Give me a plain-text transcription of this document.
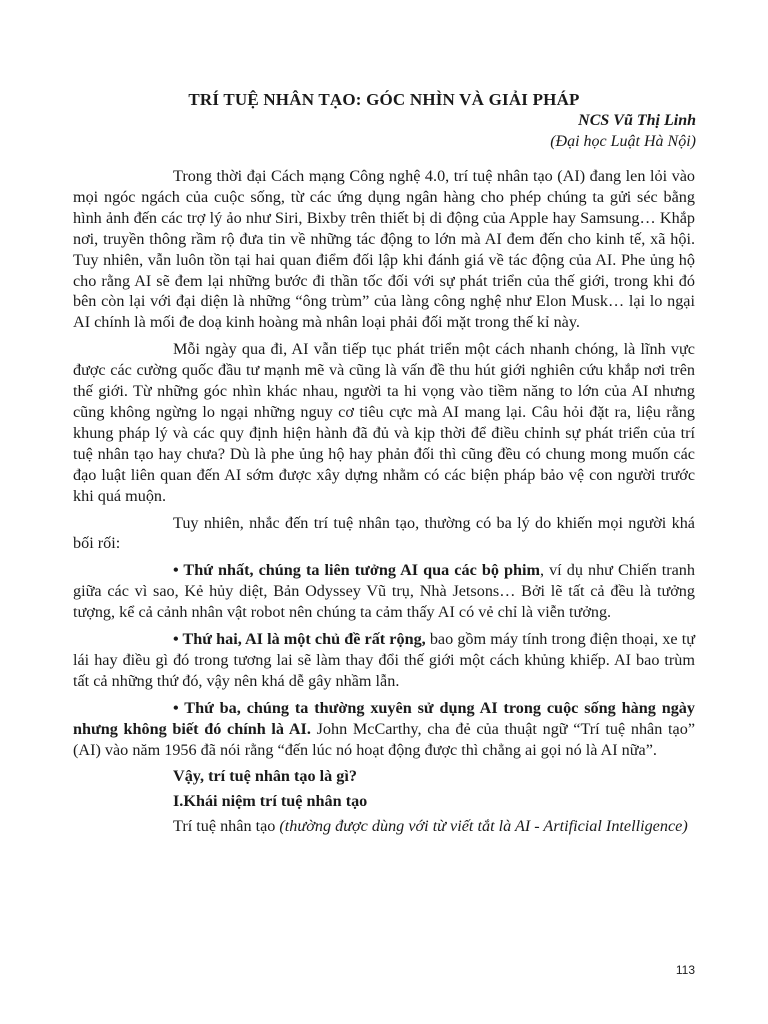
TRÍ TUỆ NHÂN TẠO: GÓC NHÌN VÀ GIẢI PHÁP
NCS Vũ Thị Linh
(Đại học Luật Hà Nội)

Trong thời đại Cách mạng Công nghệ 4.0, trí tuệ nhân tạo (AI) đang len lỏi vào mọi ngóc ngách của cuộc sống, từ các ứng dụng ngân hàng cho phép chúng ta gửi séc bằng hình ảnh đến các trợ lý ảo như Siri, Bixby trên thiết bị di động của Apple hay Samsung… Khắp nơi, truyền thông rầm rộ đưa tin về những tác động to lớn mà AI đem đến cho kinh tế, xã hội. Tuy nhiên, vẫn luôn tồn tại hai quan điểm đối lập khi đánh giá về tác động của AI. Phe ủng hộ cho rằng AI sẽ đem lại những bước đi thần tốc đối với sự phát triển của thế giới, trong khi đó bên còn lại với đại diện là những “ông trùm” của làng công nghệ như Elon Musk… lại lo ngại AI chính là mối đe doạ kinh hoàng mà nhân loại phải đối mặt trong thế kỉ này.

Mỗi ngày qua đi, AI vẫn tiếp tục phát triển một cách nhanh chóng, là lĩnh vực được các cường quốc đầu tư mạnh mẽ và cũng là vấn đề thu hút giới nghiên cứu khắp nơi trên thế giới. Từ những góc nhìn khác nhau, người ta hi vọng vào tiềm năng to lớn của AI nhưng cũng không ngừng lo ngại những nguy cơ tiêu cực mà AI mang lại. Câu hỏi đặt ra, liệu rằng khung pháp lý và các quy định hiện hành đã đủ và kịp thời để điều chỉnh sự phát triển của trí tuệ nhân tạo hay chưa? Dù là phe ủng hộ hay phản đối thì cũng đều có chung mong muốn các đạo luật liên quan đến AI sớm được xây dựng nhằm có các biện pháp bảo vệ con người trước khi quá muộn.

Tuy nhiên, nhắc đến trí tuệ nhân tạo, thường có ba lý do khiến mọi người khá bối rối:

• Thứ nhất, chúng ta liên tưởng AI qua các bộ phim, ví dụ như Chiến tranh giữa các vì sao, Kẻ hủy diệt, Bản Odyssey Vũ trụ, Nhà Jetsons… Bởi lẽ tất cả đều là tưởng tượng, kể cả cảnh nhân vật robot nên chúng ta cảm thấy AI có vẻ chỉ là viễn tưởng.

• Thứ hai, AI là một chủ đề rất rộng, bao gồm máy tính trong điện thoại, xe tự lái hay điều gì đó trong tương lai sẽ làm thay đổi thế giới một cách khủng khiếp. AI bao trùm tất cả những thứ đó, vậy nên khá dễ gây nhầm lẫn.

• Thứ ba, chúng ta thường xuyên sử dụng AI trong cuộc sống hàng ngày nhưng không biết đó chính là AI. John McCarthy, cha đẻ của thuật ngữ “Trí tuệ nhân tạo” (AI) vào năm 1956 đã nói rằng “đến lúc nó hoạt động được thì chẳng ai gọi nó là AI nữa”.

Vậy, trí tuệ nhân tạo là gì?

I.Khái niệm trí tuệ nhân tạo

Trí tuệ nhân tạo (thường được dùng với từ viết tắt là AI - Artificial Intelligence)

113
